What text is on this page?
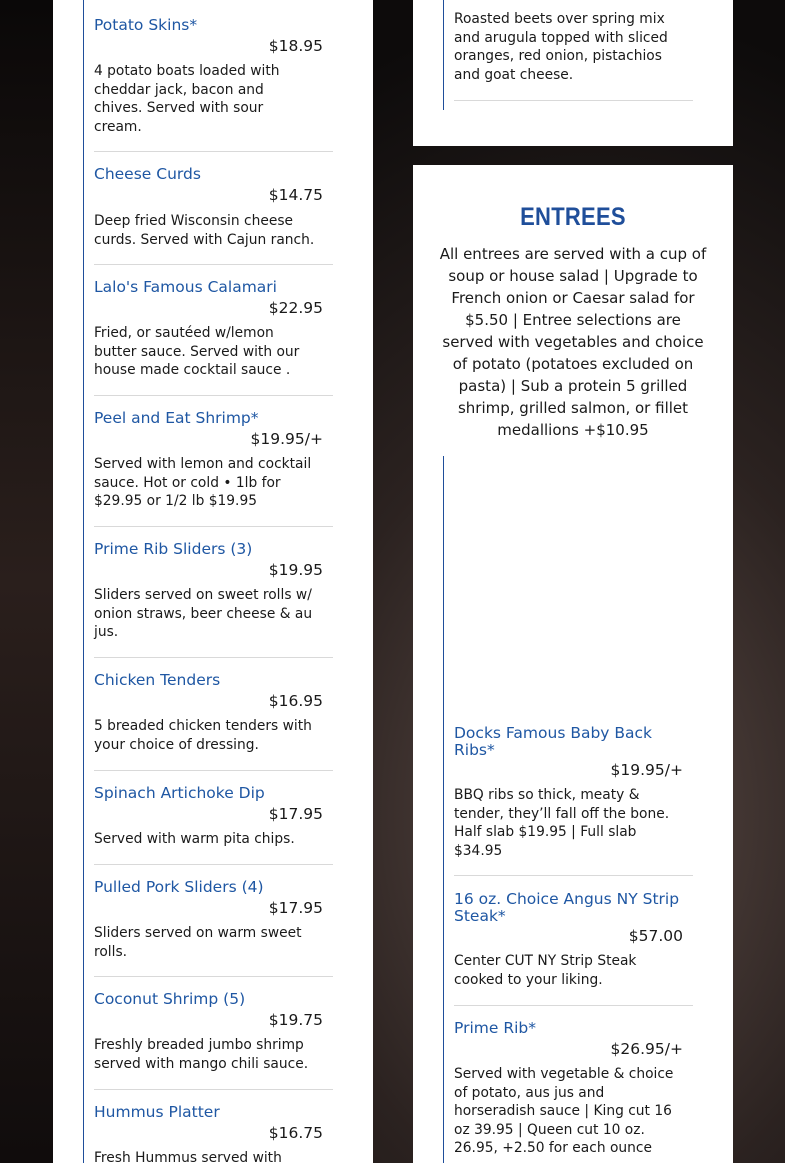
Potato Skins*
$18.95
4 potato boats loaded with cheddar jack, bacon and chives. Served with sour cream.
Cheese Curds
$14.75
Deep fried Wisconsin cheese curds. Served with Cajun ranch.
Lalo's Famous Calamari
$22.95
Fried, or sautéed w/lemon butter sauce. Served with our house made cocktail sauce .
Peel and Eat Shrimp*
$19.95/+
Served with lemon and cocktail sauce. Hot or cold • 1lb for $29.95 or 1/2 lb $19.95
Prime Rib Sliders (3)
$19.95
Sliders served on sweet rolls w/ onion straws, beer cheese & au jus.
Chicken Tenders
$16.95
5 breaded chicken tenders with your choice of dressing.
Spinach Artichoke Dip
$17.95
Served with warm pita chips.
Pulled Pork Sliders (4)
$17.95
Sliders served on warm sweet rolls.
Coconut Shrimp (5)
$19.75
Freshly breaded jumbo shrimp served with mango chili sauce.
Hummus Platter
$16.75
Fresh Hummus served with
Roasted beets over spring mix and arugula topped with sliced oranges, red onion, pistachios and goat cheese.
ENTREES
All entrees are served with a cup of soup or house salad | Upgrade to French onion or Caesar salad for $5.50 | Entree selections are served with vegetables and choice of potato (potatoes excluded on pasta) | Sub a protein 5 grilled shrimp, grilled salmon, or fillet medallions +$10.95
Docks Famous Baby Back Ribs*
$19.95/+
BBQ ribs so thick, meaty & tender, they’ll fall off the bone. Half slab $19.95 | Full slab $34.95
16 oz. Choice Angus NY Strip Steak*
$57.00
Center CUT NY Strip Steak cooked to your liking.
Prime Rib*
$26.95/+
Served with vegetable & choice of potato, aus jus and horseradish sauce | King cut 16 oz 39.95 | Queen cut 10 oz. 26.95, +2.50 for each ounce
